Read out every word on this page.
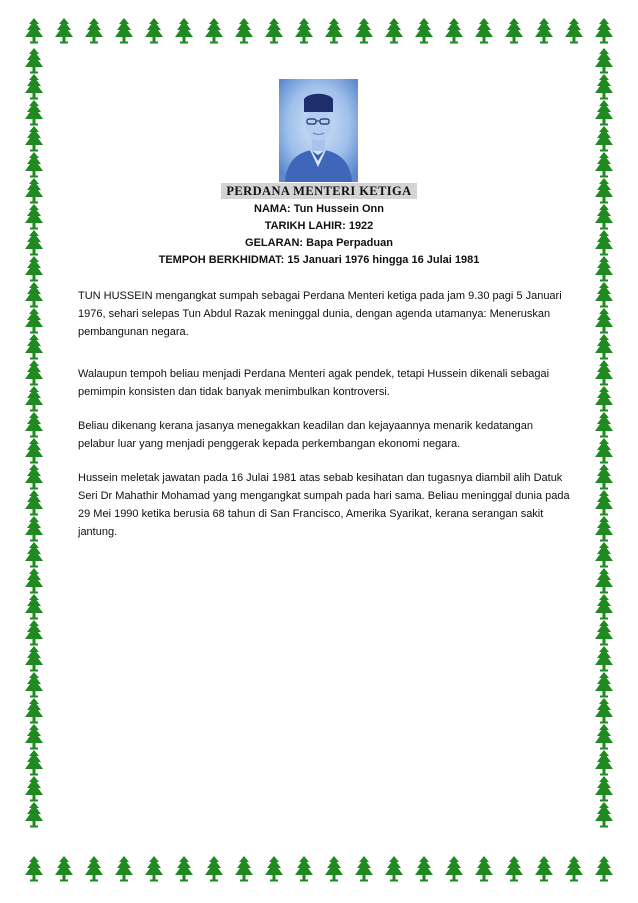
PERDANA MENTERI KETIGA
NAMA: Tun Hussein Onn
TARIKH LAHIR: 1922
GELARAN: Bapa Perpaduan
TEMPOH BERKHIDMAT: 15 Januari 1976 hingga 16 Julai 1981

TUN HUSSEIN mengangkat sumpah sebagai Perdana Menteri ketiga pada jam 9.30 pagi 5 Januari 1976, sehari selepas Tun Abdul Razak meninggal dunia, dengan agenda utamanya: Meneruskan pembangunan negara.

Walaupun tempoh beliau menjadi Perdana Menteri agak pendek, tetapi Hussein dikenali sebagai pemimpin konsisten dan tidak banyak menimbulkan kontroversi.

Beliau dikenang kerana jasanya menegakkan keadilan dan kejayaannya menarik kedatangan pelabur luar yang menjadi penggerak kepada perkembangan ekonomi negara.

Hussein meletak jawatan pada 16 Julai 1981 atas sebab kesihatan dan tugasnya diambil alih Datuk Seri Dr Mahathir Mohamad yang mengangkat sumpah pada hari sama. Beliau meninggal dunia pada 29 Mei 1990 ketika berusia 68 tahun di San Francisco, Amerika Syarikat, kerana serangan sakit jantung.
